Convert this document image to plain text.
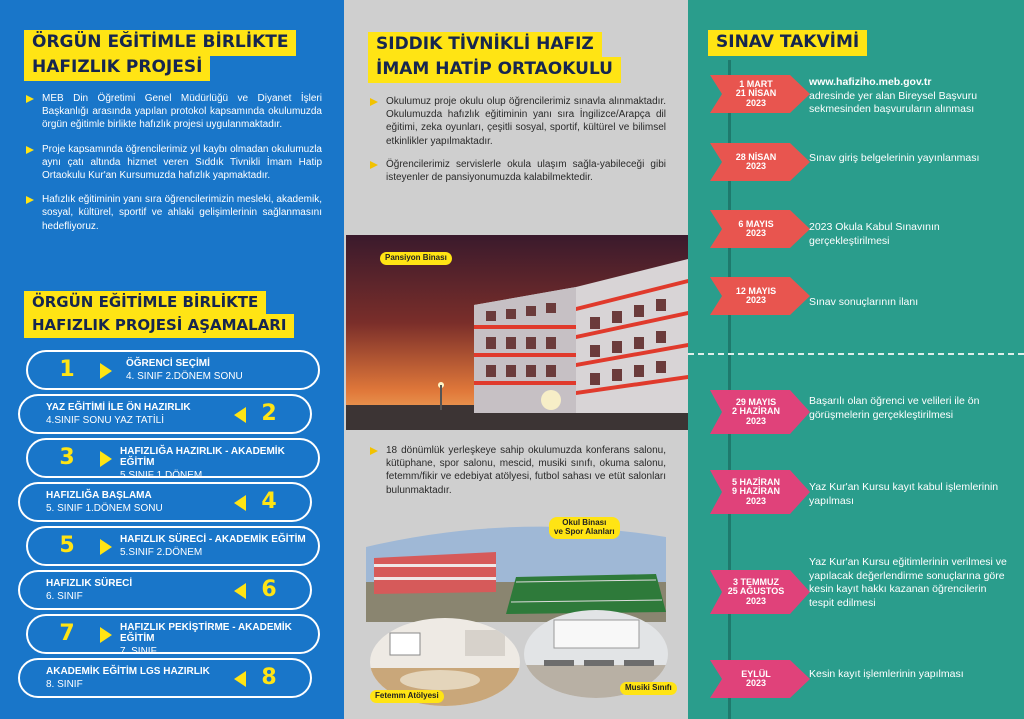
ÖRGÜN EĞİTİMLE BİRLİKTE
HAFIZLIK PROJESİ
MEB Din Öğretimi Genel Müdürlüğü ve Diyanet İşleri Başkanlığı arasında yapılan protokol kapsamında okulumuzda örgün eğitimle birlikte hafızlık projesi uygulanmaktadır.
Proje kapsamında öğrencilerimiz yıl kaybı olmadan okulumuzla aynı çatı altında hizmet veren Sıddık Tivnikli İmam Hatip Ortaokulu Kur'an Kursumuzda hafızlık yapmaktadır.
Hafızlık eğitiminin yanı sıra öğrencilerimizin mesleki, akademik, sosyal, kültürel, sportif ve ahlaki gelişimlerinin sağlanmasını hedefliyoruz.
ÖRGÜN EĞİTİMLE BİRLİKTE
HAFIZLIK PROJESİ AŞAMALARI
1	ÖĞRENCİ SEÇİMİ
4. SINIF 2.DÖNEM SONU
YAZ EĞİTİMİ İLE ÖN HAZIRLIK
4.SINIF SONU YAZ TATİLİ	2
3	HAFIZLIĞA HAZIRLIK - AKADEMİK EĞİTİM
5.SINIF 1.DÖNEM
HAFIZLIĞA BAŞLAMA
5. SINIF 1.DÖNEM SONU	4
5	HAFIZLIK SÜRECİ - AKADEMİK EĞİTİM
5.SINIF 2.DÖNEM
HAFIZLIK SÜRECİ
6. SINIF	6
7	HAFIZLIK PEKİŞTİRME - AKADEMİK EĞİTİM
7. SINIF
AKADEMİK EĞİTİM LGS HAZIRLIK
8. SINIF	8
SIDDIK TİVNİKLİ HAFIZ
İMAM HATİP ORTAOKULU
Okulumuz proje okulu olup öğrencilerimiz sınavla alınmaktadır. Okulumuzda hafızlık eğitiminin yanı sıra İngilizce/Arapça dil eğitimi, zeka oyunları, çeşitli sosyal, sportif, kültürel ve bilimsel etkinlikler yapılmaktadır.
Öğrencilerimiz servislerle okula ulaşım sağla-yabileceği gibi isteyenler de pansiyonumuzda kalabilmektedir.
Pansiyon Binası
18 dönümlük yerleşkeye sahip okulumuzda konferans salonu, kütüphane, spor salonu, mescid, musiki sınıfı, okuma salonu, fetemm/fikir ve edebiyat atölyesi, futbol sahası ve etüt salonları bulunmaktadır.
Okul Binası
ve Spor Alanları
Fetemm Atölyesi
Musiki Sınıfı
SINAV TAKVİMİ
1 MART
21 NİSAN
2023
www.hafiziho.meb.gov.tr
adresinde yer alan Bireysel Başvuru sekmesinden başvuruların alınması
28 NİSAN
2023
Sınav giriş belgelerinin yayınlanması
6 MAYIS
2023	2023 Okula Kabul Sınavının gerçekleştirilmesi
12 MAYIS
2023	Sınav sonuçlarının ilanı
29 MAYIS
2 HAZİRAN
2023
Başarılı olan öğrenci ve velileri ile ön görüşmelerin gerçekleştirilmesi
5 HAZİRAN
9 HAZİRAN
2023
Yaz Kur'an Kursu kayıt kabul işlemlerinin yapılması
3 TEMMUZ
25 AĞUSTOS
2023
Yaz Kur'an Kursu eğitimlerinin verilmesi ve yapılacak değerlendirme sonuçlarına göre kesin kayıt hakkı kazanan öğrencilerin tespit edilmesi
EYLÜL
2023
Kesin kayıt işlemlerinin yapılması
